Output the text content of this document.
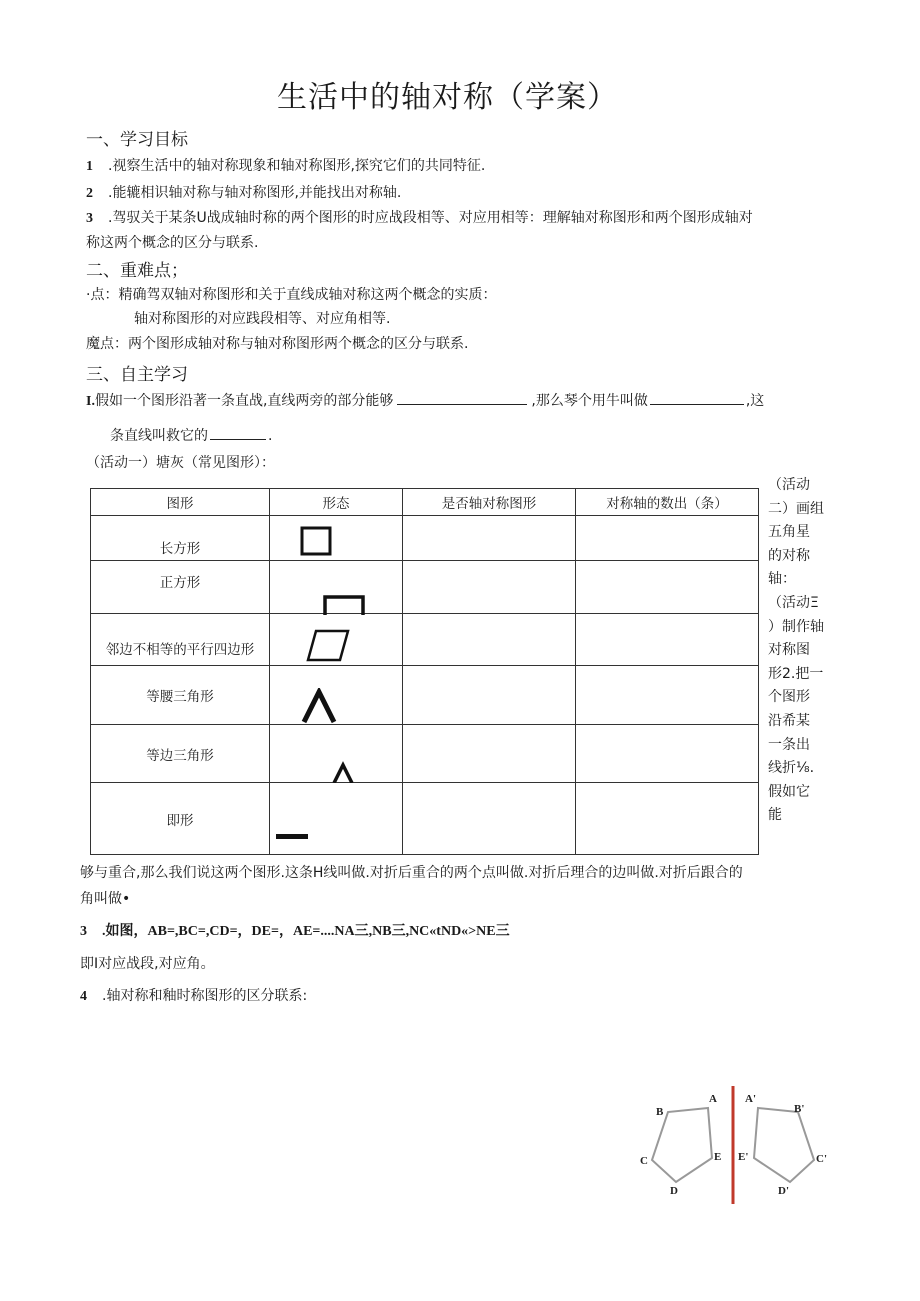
生活中的轴对称（学案）
一、学习目标
1 .视察生活中的轴对称现象和轴对称图形,探究它们的共同特征.
2 .能辘相识轴对称与轴对称图形,并能找出对称轴.
3 .驾驭关于某条U战成轴时称的两个图形的时应战段相等、对应用相等：理解轴对称图形和两个图形成轴对
称这两个概念的区分与联系.
二、重难点；
·点：精确驾双轴对称图形和关于直线成轴对称这两个概念的实质：
轴对称图形的对应践段相等、对应角相等.
魔点：两个图形成轴对称与轴对称图形两个概念的区分与联系.
三、自主学习
I.假如一个图形沿著一条直战,直线两旁的部分能够	,那么琴个用牛叫做	,这
条直线叫救它的	.
（活动一）塘灰（常见图形）：
图形	形态	是否轴对称图形	对称轴的数出（条）
长方形	

正方形	

邻边不相等的平行四边形	

等腰三角形	

等边三角形	

即形	

（活动
二）画组
五角星
的对称
轴：
（活动Ξ
）制作轴
对称图
形2.把一
个图形
沿希某
一条出
线折⅛.
假如它
能
够与重合,那么我们说这两个图形.这条H线叫做.对折后重合的两个点叫做.对折后理合的边叫做.对折后跟合的
角叫做•
3 .如图，AB=,BC=,CD=，DE=，AE=....NA三,NB三,NC«tND«>NE三
即I对应战段,对应角。
4 .轴对称和釉时称图形的区分联系:
A
B
C
D
E
A'
B'
C'
D'
E'
